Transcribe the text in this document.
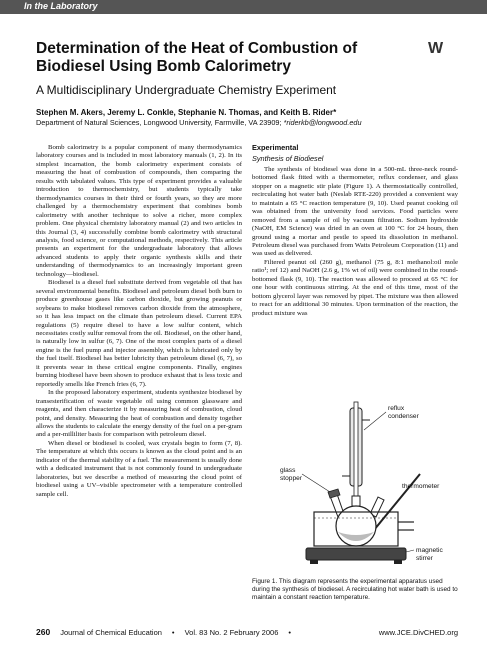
In the Laboratory
Determination of the Heat of Combustion of Biodiesel Using Bomb Calorimetry
W
A Multidisciplinary Undergraduate Chemistry Experiment
Stephen M. Akers, Jeremy L. Conkle, Stephanie N. Thomas, and Keith B. Rider*
Department of Natural Sciences, Longwood University, Farmville, VA 23909; *riderkb@longwood.edu

Bomb calorimetry is a popular component of many thermodynamics laboratory courses and is included in most laboratory manuals (1, 2). In its simplest incarnation, the bomb calorimetry experiment consists of measuring the heat of combustion of compounds, then comparing the results with tabulated values. This type of experiment provides a valuable introduction to thermochemistry, but students typically take thermodynamics courses in their third or fourth years, so they are more challenged by a thermochemistry experiment that combines bomb calorimetry with another technique to solve a richer, more complex problem. One physical chemistry laboratory manual (2) and two articles in this Journal (3, 4) successfully combine bomb calorimetry with structural analysis, food science, or computational methods, respectively. This article presents an experiment for the undergraduate laboratory that allows advanced students to apply their organic synthesis skills and their understanding of thermodynamics to an increasingly important green technology—biodiesel.

Biodiesel is a diesel fuel substitute derived from vegetable oil that has several environmental benefits. Biodiesel and petroleum diesel both burn to produce greenhouse gases like carbon dioxide, but growing peanuts or soybeans to make biodiesel removes carbon dioxide from the atmosphere, so it has less impact on the climate than petroleum diesel. Current EPA regulations (5) require diesel to have a low sulfur content, which necessitates costly sulfur removal from the oil. Biodiesel, on the other hand, is naturally low in sulfur (6, 7). One of the most complex parts of a diesel engine is the fuel pump and injector assembly, which is lubricated only by the fuel itself. Biodiesel has better lubricity than petroleum diesel (6, 7), so it prevents wear in these critical engine components. Finally, engines burning biodiesel have been shown to produce exhaust that is less toxic and reportedly smells like French fries (6, 7).

In the proposed laboratory experiment, students synthesize biodiesel by transesterification of waste vegetable oil using common glassware and reagents, and then characterize it by measuring heat of combustion, cloud point, and density. Measuring the heat of combustion and density together allows the students to calculate the energy density of the fuel on a per-gram and a per-milliliter basis for comparison with petroleum diesel.

When diesel or biodiesel is cooled, wax crystals begin to form (7, 8). The temperature at which this occurs is known as the cloud point and is an indicator of the thermal stability of a fuel. The measurement is usually done with a dedicated instrument that is not commonly found in undergraduate laboratories, but we describe a method of measuring the cloud point of biodiesel using a UV–visible spectrometer with a temperature controlled sample cell.

Experimental

Synthesis of Biodiesel

The synthesis of biodiesel was done in a 500-mL three-neck round-bottomed flask fitted with a thermometer, reflux condenser, and glass stopper on a magnetic stir plate (Figure 1). A thermostatically controlled, recirculating hot water bath (Neslab RTE-220) provided a convenient way to maintain a 65 °C reaction temperature (9, 10). Used peanut cooking oil was obtained from the university food services. Food particles were removed from a sample of oil by vacuum filtration. Sodium hydroxide (NaOH, EM Science) was dried in an oven at 100 °C for 24 hours, then ground using a mortar and pestle to speed its dissolution in methanol. Petroleum diesel was purchased from Watts Petroleum Corporation (11) and was used as delivered.

Filtered peanut oil (260 g), methanol (75 g, 8:1 methanol:oil mole ratio¹; ref 12) and NaOH (2.6 g, 1% wt of oil) were combined in the round-bottomed flask (9, 10). The reaction was allowed to proceed at 65 °C for one hour with continuous stirring. At the end of this time, most of the bottom glycerol layer was removed by pipet. The mixture was then allowed to react for an additional 30 minutes. Upon termination of the reaction, the product mixture was

reflux condenser
glass stopper
thermometer
magnetic stirrer
Figure 1. This diagram represents the experimental apparatus used during the synthesis of biodiesel. A recirculating hot water bath is used to maintain a constant reaction temperature.
260 Journal of Chemical Education • Vol. 83 No. 2 February 2006 •	www.JCE.DivCHED.org
